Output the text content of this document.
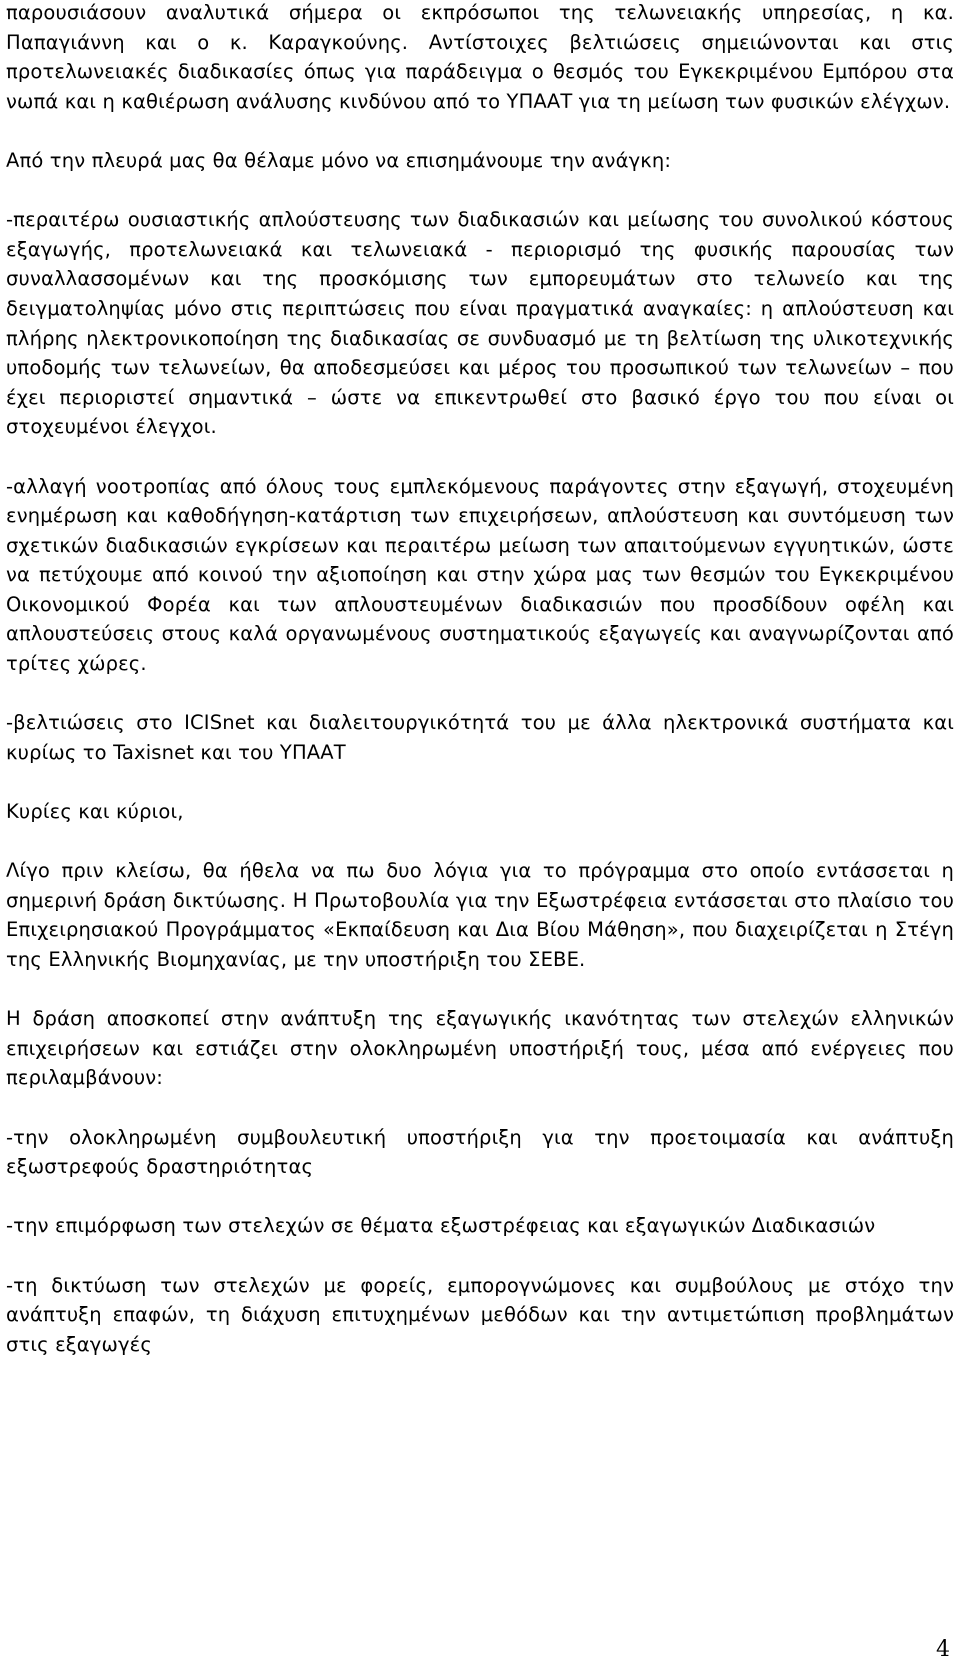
παρουσιάσουν αναλυτικά σήμερα οι εκπρόσωποι της τελωνειακής υπηρεσίας, η κα. Παπαγιάννη και ο κ. Καραγκούνης. Αντίστοιχες βελτιώσεις σημειώνονται και στις προτελωνειακές διαδικασίες όπως για παράδειγμα ο θεσμός του Εγκεκριμένου Εμπόρου στα νωπά και η καθιέρωση ανάλυσης κινδύνου από το ΥΠΑΑΤ για τη μείωση των φυσικών ελέγχων.

Από την πλευρά μας θα θέλαμε μόνο να επισημάνουμε την ανάγκη:

-περαιτέρω ουσιαστικής απλούστευσης των διαδικασιών και μείωσης του συνολικού κόστους εξαγωγής, προτελωνειακά και τελωνειακά - περιορισμό της φυσικής παρουσίας των συναλλασσομένων και της προσκόμισης των εμπορευμάτων στο τελωνείο και της δειγματοληψίας μόνο στις περιπτώσεις που είναι πραγματικά αναγκαίες: η απλούστευση και πλήρης ηλεκτρονικοποίηση της διαδικασίας σε συνδυασμό με τη βελτίωση της υλικοτεχνικής υποδομής των τελωνείων, θα αποδεσμεύσει και μέρος του προσωπικού των τελωνείων – που έχει περιοριστεί σημαντικά – ώστε να επικεντρωθεί στο βασικό έργο του που είναι οι στοχευμένοι έλεγχοι.

-αλλαγή νοοτροπίας από όλους τους εμπλεκόμενους παράγοντες στην εξαγωγή, στοχευμένη ενημέρωση και καθοδήγηση-κατάρτιση των επιχειρήσεων, απλούστευση και συντόμευση των σχετικών διαδικασιών εγκρίσεων και περαιτέρω μείωση των απαιτούμενων εγγυητικών, ώστε να πετύχουμε από κοινού την αξιοποίηση και στην χώρα μας των θεσμών του Εγκεκριμένου Οικονομικού Φορέα και των απλουστευμένων διαδικασιών που προσδίδουν οφέλη και απλουστεύσεις στους καλά οργανωμένους συστηματικούς εξαγωγείς και αναγνωρίζονται από τρίτες χώρες.

-βελτιώσεις στο ICISnet και διαλειτουργικότητά του με άλλα ηλεκτρονικά συστήματα και κυρίως το Taxisnet και του ΥΠΑΑΤ

Κυρίες και κύριοι,

Λίγο πριν κλείσω, θα ήθελα να πω δυο λόγια για το πρόγραμμα στο οποίο εντάσσεται η σημερινή δράση δικτύωσης. Η Πρωτοβουλία για την Εξωστρέφεια εντάσσεται στο πλαίσιο του Επιχειρησιακού Προγράμματος «Εκπαίδευση και Δια Βίου Μάθηση», που διαχειρίζεται η Στέγη της Ελληνικής Βιομηχανίας, με την υποστήριξη του ΣΕΒΕ.

Η δράση αποσκοπεί στην ανάπτυξη της εξαγωγικής ικανότητας των στελεχών ελληνικών επιχειρήσεων και εστιάζει στην ολοκληρωμένη υποστήριξή τους, μέσα από ενέργειες που περιλαμβάνουν:

-την ολοκληρωμένη συμβουλευτική υποστήριξη για την προετοιμασία και ανάπτυξη εξωστρεφούς δραστηριότητας

-την επιμόρφωση των στελεχών σε θέματα εξωστρέφειας και εξαγωγικών Διαδικασιών

-τη δικτύωση των στελεχών με φορείς, εμπορογνώμονες και συμβούλους με στόχο την ανάπτυξη επαφών, τη διάχυση επιτυχημένων μεθόδων και την αντιμετώπιση προβλημάτων στις εξαγωγές

4
